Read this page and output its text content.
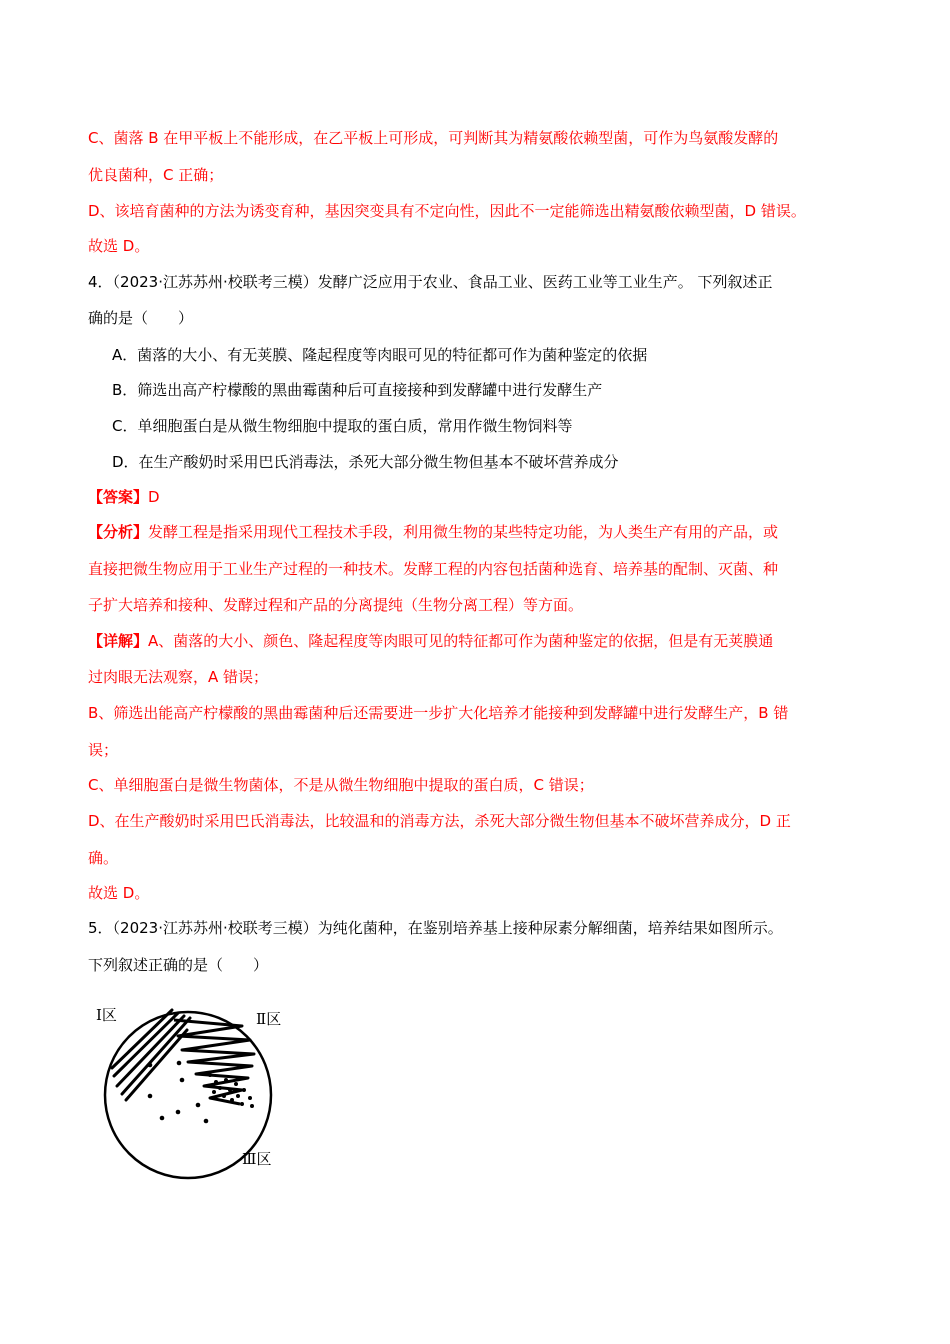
C、菌落 B 在甲平板上不能形成，在乙平板上可形成，可判断其为精氨酸依赖型菌，可作为鸟氨酸发酵的
优良菌种，C 正确；
D、该培育菌种的方法为诱变育种，基因突变具有不定向性，因此不一定能筛选出精氨酸依赖型菌，D 错误。
故选 D。
4．（2023·江苏苏州·校联考三模）发酵广泛应用于农业、食品工业、医药工业等工业生产。 下列叙述正
确的是（　　）
A．菌落的大小、有无荚膜、隆起程度等肉眼可见的特征都可作为菌种鉴定的依据
B．筛选出高产柠檬酸的黑曲霉菌种后可直接接种到发酵罐中进行发酵生产
C．单细胞蛋白是从微生物细胞中提取的蛋白质，常用作微生物饲料等
D．在生产酸奶时采用巴氏消毒法，杀死大部分微生物但基本不破坏营养成分
【答案】D
【分析】发酵工程是指采用现代工程技术手段，利用微生物的某些特定功能，为人类生产有用的产品，或
直接把微生物应用于工业生产过程的一种技术。发酵工程的内容包括菌种选育、培养基的配制、灭菌、种
子扩大培养和接种、发酵过程和产品的分离提纯（生物分离工程）等方面。
【详解】A、菌落的大小、颜色、隆起程度等肉眼可见的特征都可作为菌种鉴定的依据，但是有无荚膜通
过肉眼无法观察，A 错误；
B、筛选出能高产柠檬酸的黑曲霉菌种后还需要进一步扩大化培养才能接种到发酵罐中进行发酵生产，B 错
误；
C、单细胞蛋白是微生物菌体，不是从微生物细胞中提取的蛋白质，C 错误；
D、在生产酸奶时采用巴氏消毒法，比较温和的消毒方法，杀死大部分微生物但基本不破坏营养成分，D 正
确。
故选 D。
5．（2023·江苏苏州·校联考三模）为纯化菌种，在鉴别培养基上接种尿素分解细菌，培养结果如图所示。
下列叙述正确的是（　　）
Ⅰ区	Ⅱ区
Ⅲ区
